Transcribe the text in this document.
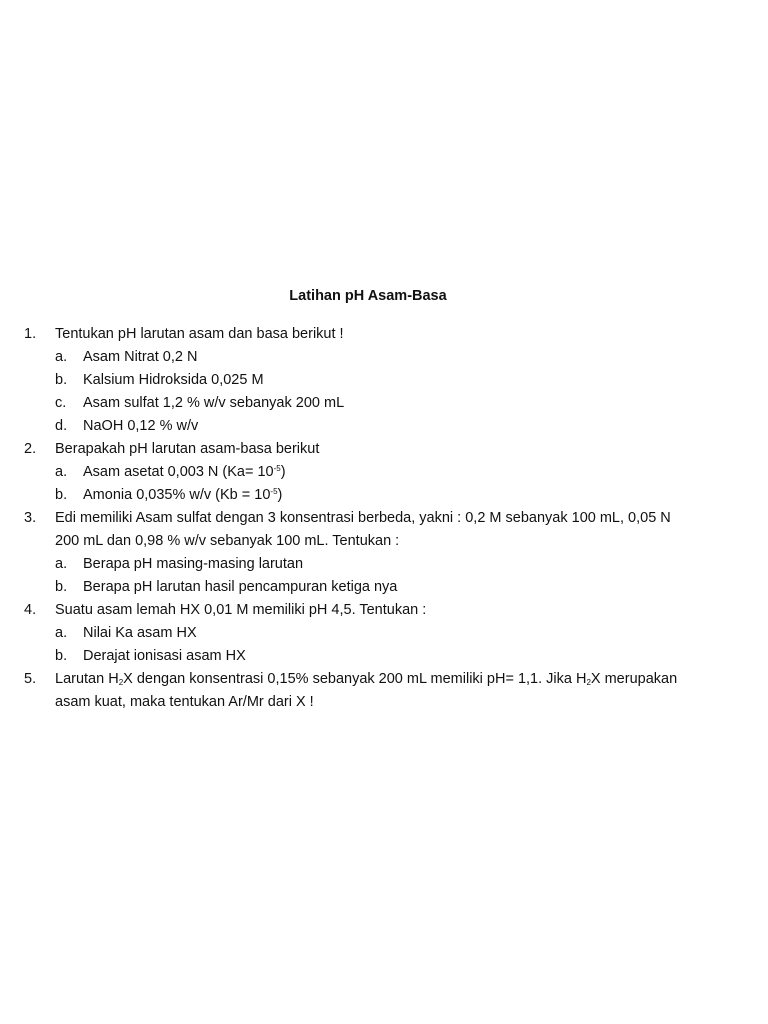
Latihan pH Asam-Basa
1. Tentukan pH larutan asam dan basa berikut !
a. Asam Nitrat 0,2 N
b. Kalsium Hidroksida 0,025 M
c. Asam sulfat 1,2 % w/v sebanyak 200 mL
d. NaOH 0,12 % w/v
2. Berapakah pH larutan asam-basa berikut
a. Asam asetat 0,003 N $(Ka= 10^{-5})$
b. Amonia 0,035% w/v $(Kb = 10^{-5})$
3. Edi memiliki Asam sulfat dengan 3 konsentrasi berbeda, yakni : 0,2 M sebanyak 100 mL, 0,05 N
200 mL dan 0,98 % w/v sebanyak 100 mL. Tentukan :
a. Berapa pH masing-masing larutan
b. Berapa pH larutan hasil pencampuran ketiga nya
4. Suatu asam lemah HX 0,01 M memiliki pH 4,5. Tentukan :
a. Nilai Ka asam HX
b. Derajat ionisasi asam HX
5. Larutan $H_2X$ dengan konsentrasi 0,15% sebanyak 200 mL memiliki pH= 1,1. Jika $H_2X$ merupakan
asam kuat, maka tentukan Ar/Mr dari X !
